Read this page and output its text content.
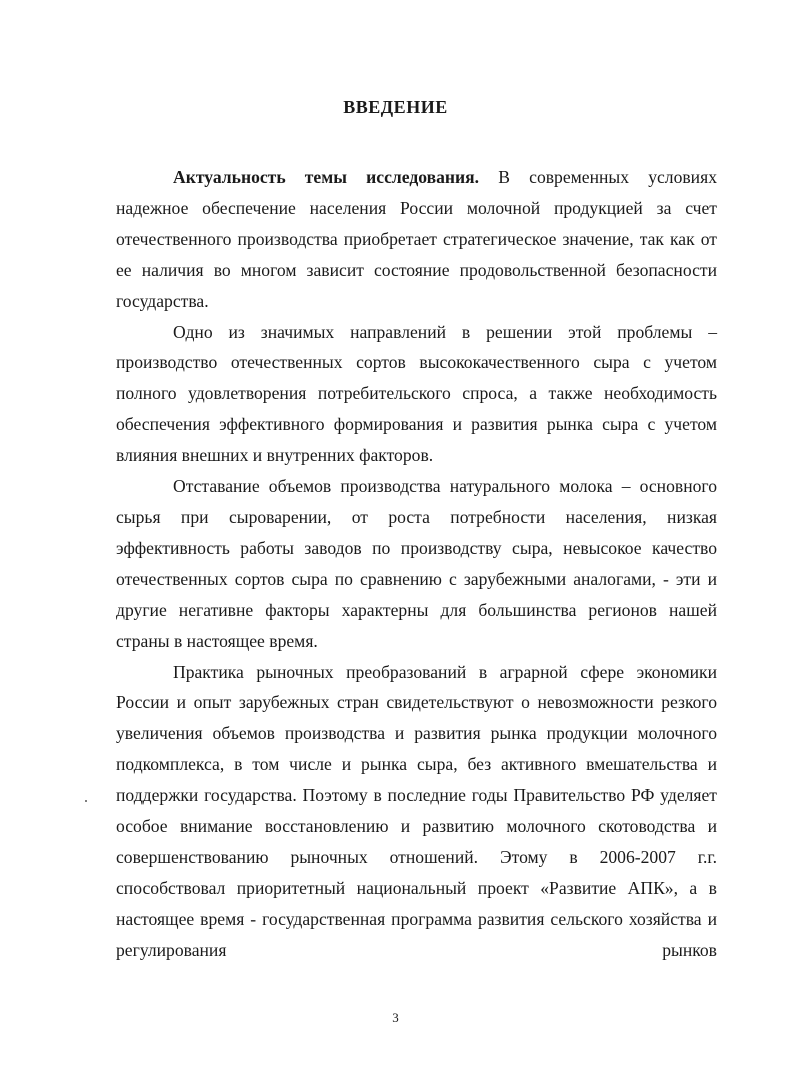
ВВЕДЕНИЕ

Актуальность темы исследования. В современных условиях надежное обеспечение населения России молочной продукцией за счет отечественного производства приобретает стратегическое значение, так как от ее наличия во многом зависит состояние продовольственной безопасности государства.

Одно из значимых направлений в решении этой проблемы – производство отечественных сортов высококачественного сыра с учетом полного удовлетворения потребительского спроса, а также необходимость обеспечения эффективного формирования и развития рынка сыра с учетом влияния внешних и внутренних факторов.

Отставание объемов производства натурального молока – основного сырья при сыроварении, от роста потребности населения, низкая эффективность работы заводов по производству сыра, невысокое качество отечественных сортов сыра по сравнению с зарубежными аналогами, - эти и другие негативне факторы характерны для большинства регионов нашей страны в настоящее время.

Практика рыночных преобразований в аграрной сфере экономики России и опыт зарубежных стран свидетельствуют о невозможности резкого увеличения объемов производства и развития рынка продукции молочного подкомплекса, в том числе и рынка сыра, без активного вмешательства и поддержки государства. Поэтому в последние годы Правительство РФ уделяет особое внимание восстановлению и развитию молочного скотоводства и совершенствованию рыночных отношений. Этому в 2006-2007 г.г. способствовал приоритетный национальный проект «Развитие АПК», а в настоящее время - государственная программа развития сельского хозяйства и регулирования рынков

3
